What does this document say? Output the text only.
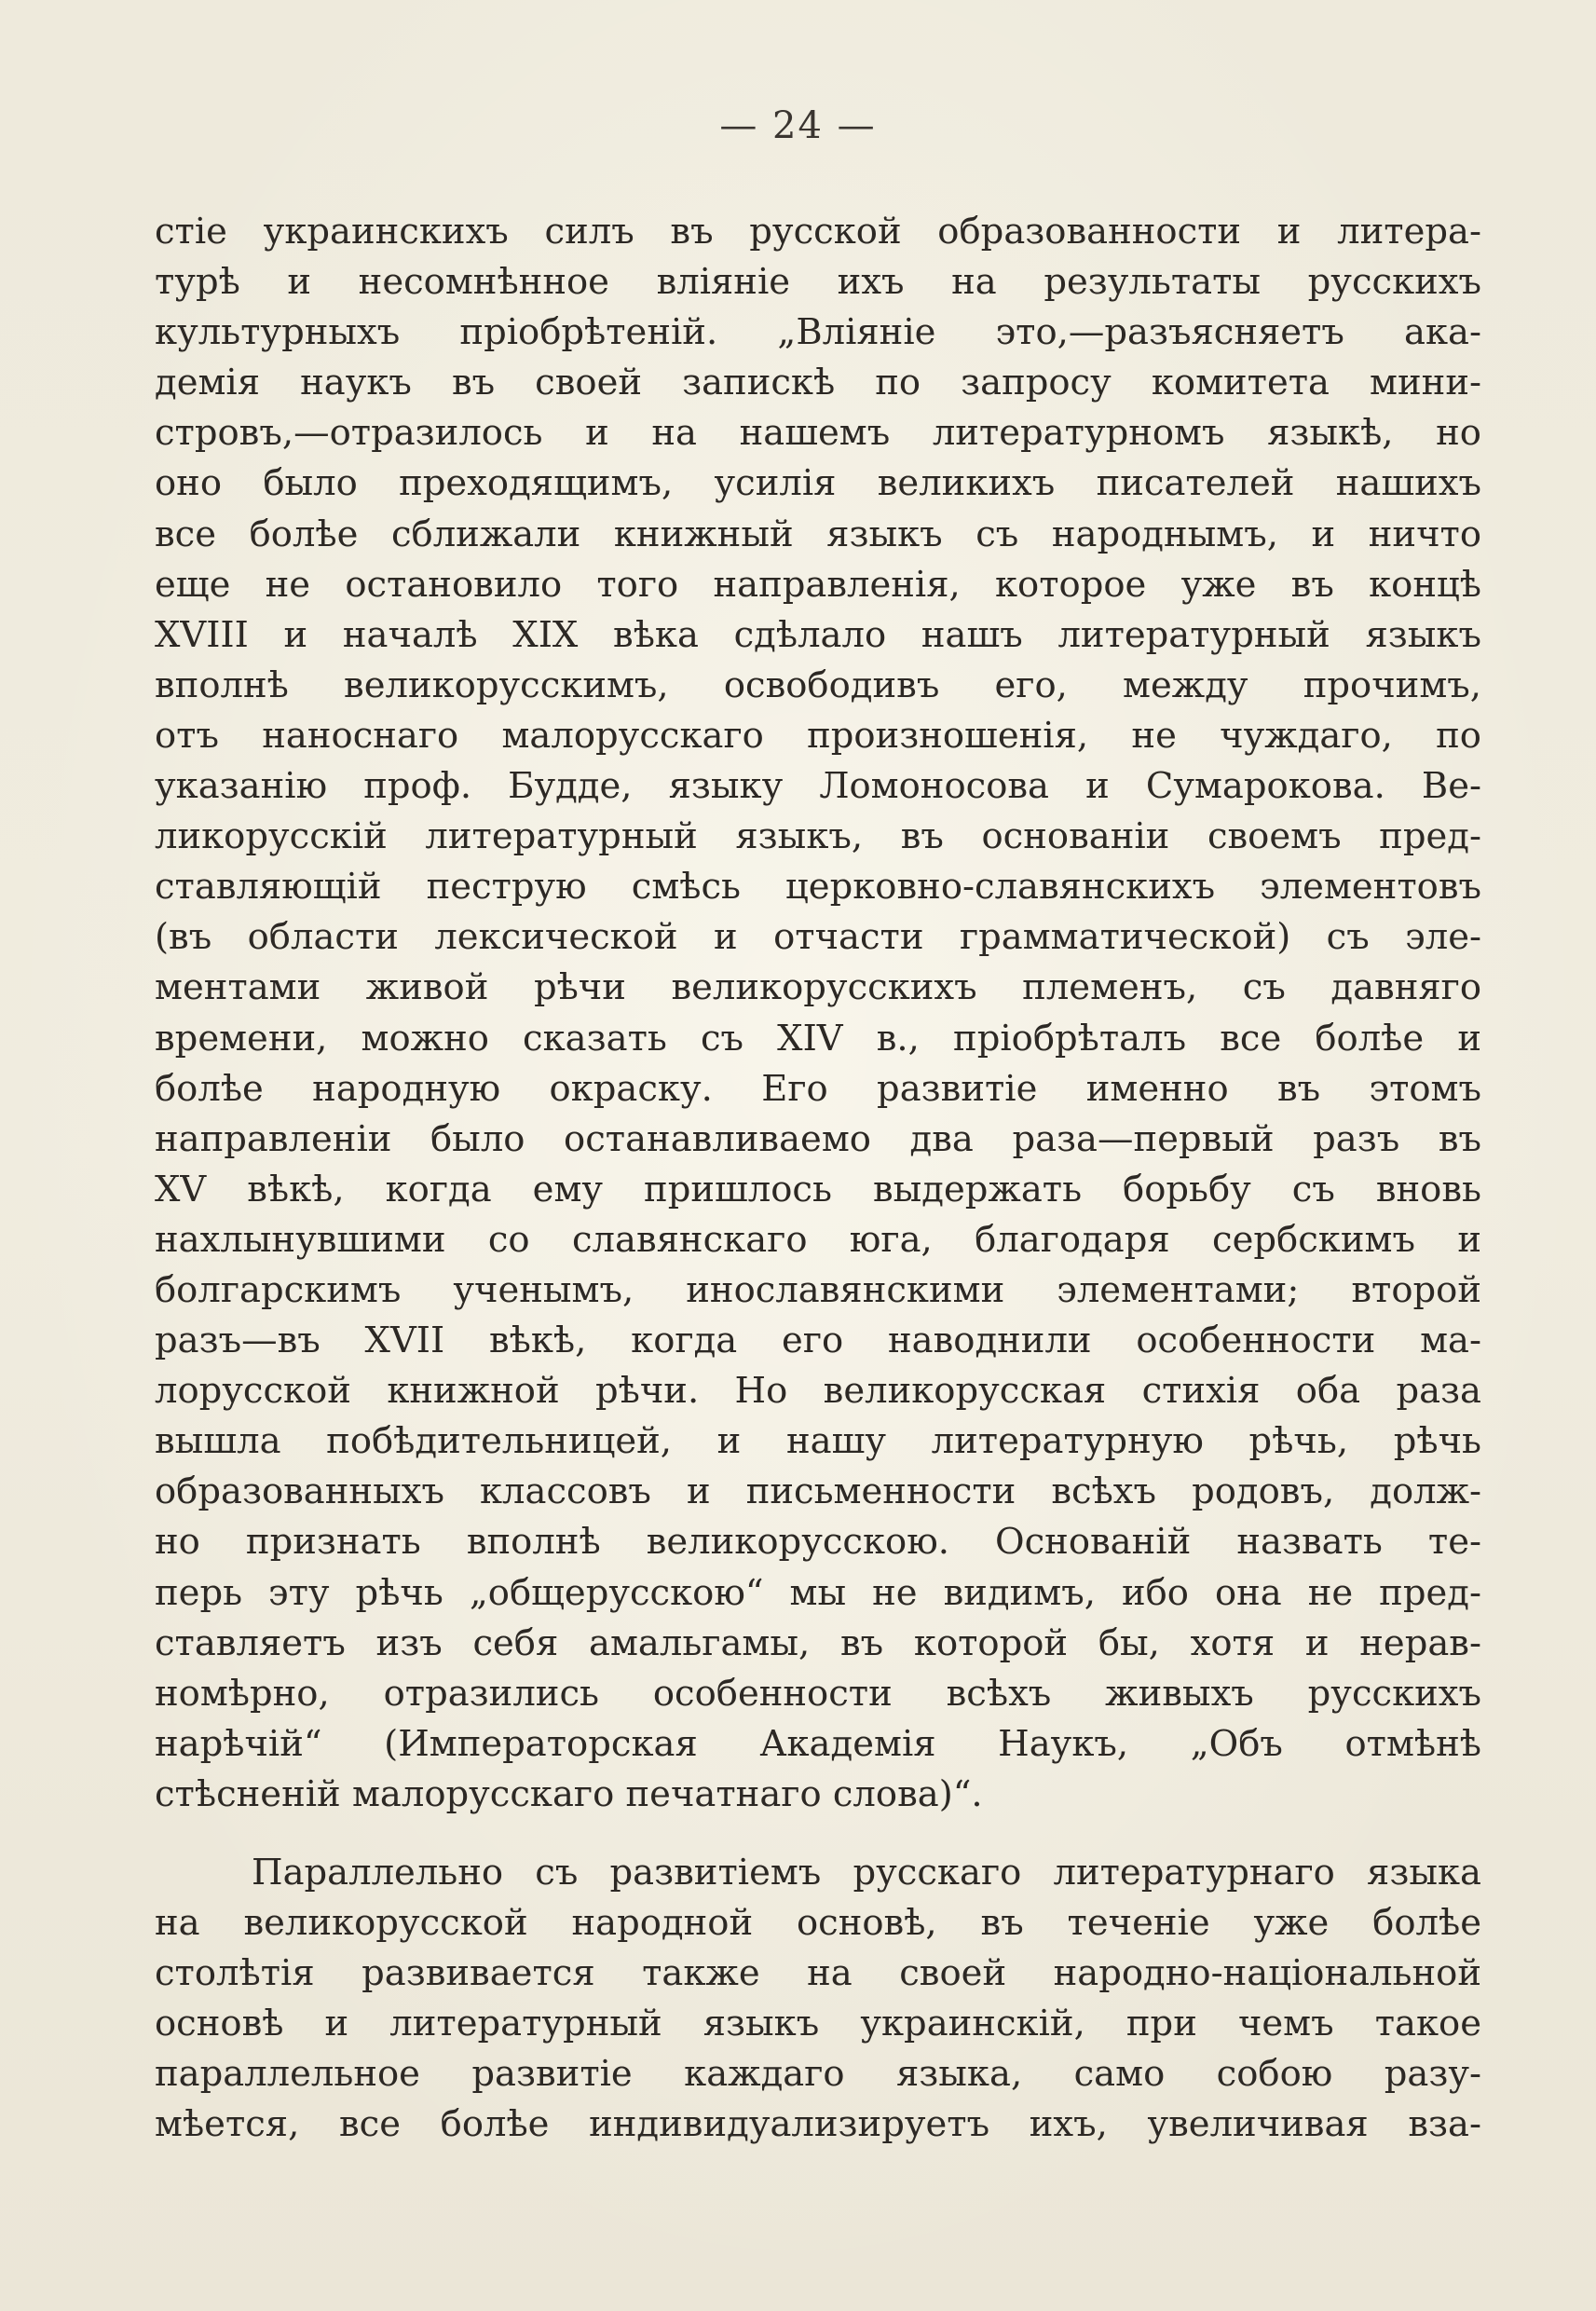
— 24 —
стіе украинскихъ силъ въ русской образованности и литера-
турѣ и несомнѣнное вліяніе ихъ на результаты русскихъ
культурныхъ пріобрѣтеній. „Вліяніе это,—разъясняетъ ака-
демія наукъ въ своей запискѣ по запросу комитета мини-
стровъ,—отразилось и на нашемъ литературномъ языкѣ, но
оно было преходящимъ, усилія великихъ писателей нашихъ
все болѣе сближали книжный языкъ съ народнымъ, и ничто
еще не остановило того направленія, которое уже въ концѣ
XVIII и началѣ XIX вѣка сдѣлало нашъ литературный языкъ
вполнѣ великорусскимъ, освободивъ его, между прочимъ,
отъ наноснаго малорусскаго произношенія, не чуждаго, по
указанію проф. Будде, языку Ломоносова и Сумарокова. Ве-
ликорусскій литературный языкъ, въ основаніи своемъ пред-
ставляющій пеструю смѣсь церковно-славянскихъ элементовъ
(въ области лексической и отчасти грамматической) съ эле-
ментами живой рѣчи великорусскихъ племенъ, съ давняго
времени, можно сказать съ XIV в., пріобрѣталъ все болѣе и
болѣе народную окраску. Его развитіе именно въ этомъ
направленіи было останавливаемо два раза—первый разъ въ
XV вѣкѣ, когда ему пришлось выдержать борьбу съ вновь
нахлынувшими со славянскаго юга, благодаря сербскимъ и
болгарскимъ ученымъ, инославянскими элементами; второй
разъ—въ XVII вѣкѣ, когда его наводнили особенности ма-
лорусской книжной рѣчи. Но великорусская стихія оба раза
вышла побѣдительницей, и нашу литературную рѣчь, рѣчь
образованныхъ классовъ и письменности всѣхъ родовъ, долж-
но признать вполнѣ великорусскою. Основаній назвать те-
перь эту рѣчь „общерусскою“ мы не видимъ, ибо она не пред-
ставляетъ изъ себя амальгамы, въ которой бы, хотя и нерав-
номѣрно, отразились особенности всѣхъ живыхъ русскихъ
нарѣчій“ (Императорская Академія Наукъ, „Объ отмѣнѣ
стѣсненій малорусскаго печатнаго слова)“.
Параллельно съ развитіемъ русскаго литературнаго языка
на великорусской народной основѣ, въ теченіе уже болѣе
столѣтія развивается также на своей народно-національной
основѣ и литературный языкъ украинскій, при чемъ такое
параллельное развитіе каждаго языка, само собою разу-
мѣется, все болѣе индивидуализируетъ ихъ, увеличивая вза-
